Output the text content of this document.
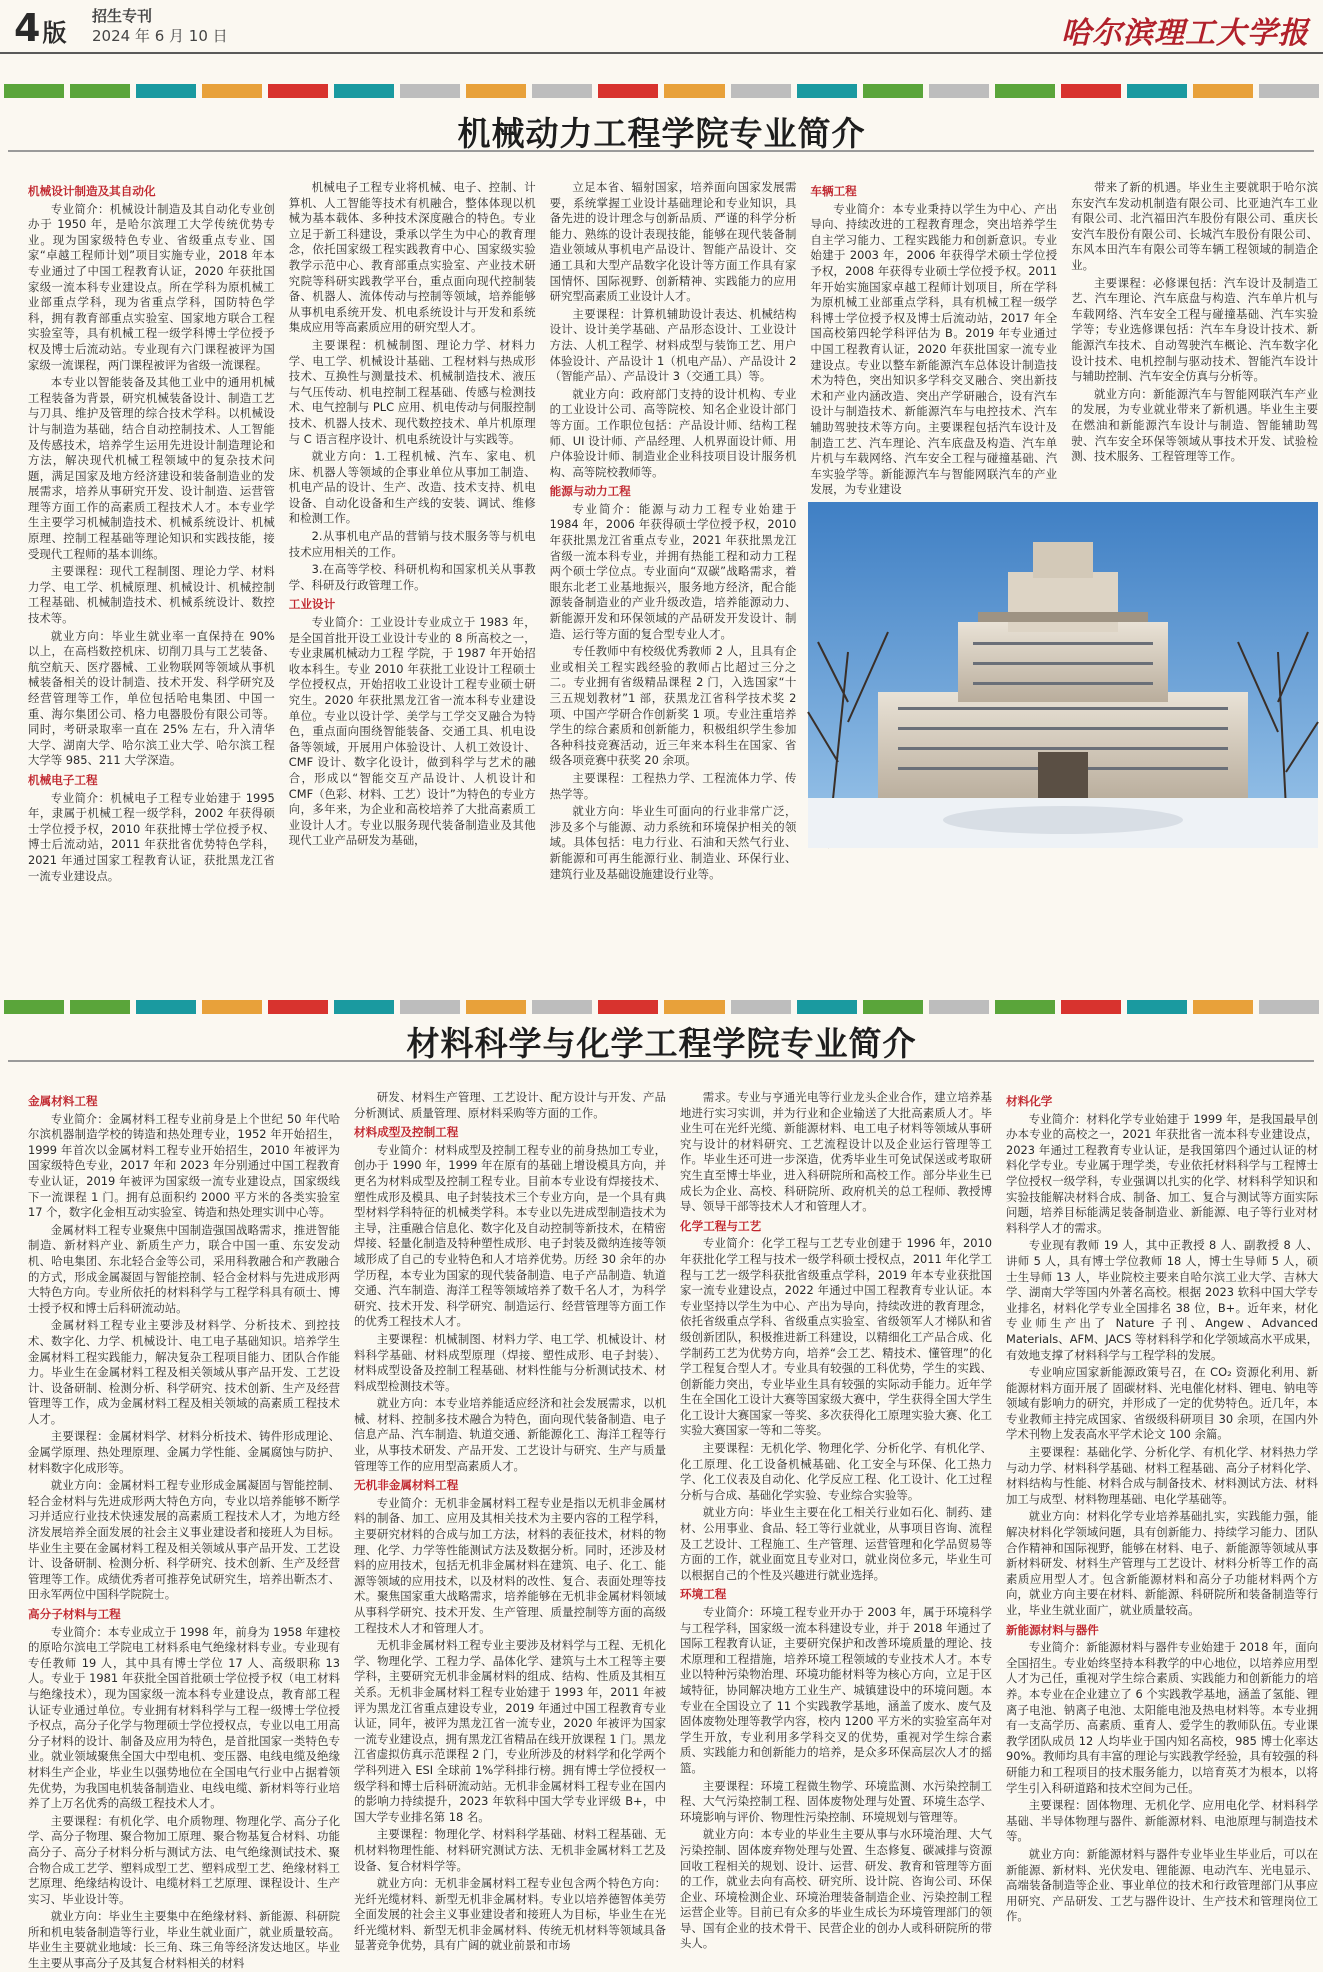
4版
招生专刊
2024 年 6 月 10 日	哈尔滨理工大学报
机械动力工程学院专业简介
机械设计制造及其自动化

专业简介：机械设计制造及其自动化专业创办于 1950 年，是哈尔滨理工大学传统优势专业。现为国家级特色专业、省级重点专业、国家“卓越工程师计划”项目实施专业，2018 年本专业通过了中国工程教育认证，2020 年获批国家级一流本科专业建设点。所在学科为原机械工业部重点学科，现为省重点学科，国防特色学科，拥有教育部重点实验室、国家地方联合工程实验室等，具有机械工程一级学科博士学位授予权及博士后流动站。专业现有六门课程被评为国家级一流课程，两门课程被评为省级一流课程。

本专业以智能装备及其他工业中的通用机械工程装备为背景，研究机械装备设计、制造工艺与刀具、维护及管理的综合技术学科。以机械设计与制造为基础，结合自动控制技术、人工智能及传感技术，培养学生运用先进设计制造理论和方法，解决现代机械工程领域中的复杂技术问题，满足国家及地方经济建设和装备制造业的发展需求，培养从事研究开发、设计制造、运营管理等方面工作的高素质工程技术人才。本专业学生主要学习机械制造技术、机械系统设计、机械原理、控制工程基础等理论知识和实践技能，接受现代工程师的基本训练。

主要课程：现代工程制图、理论力学、材料力学、电工学、机械原理、机械设计、机械控制工程基础、机械制造技术、机械系统设计、数控技术等。

就业方向：毕业生就业率一直保持在 90% 以上，在高档数控机床、切削刀具与工艺装备、航空航天、医疗器械、工业物联网等领域从事机械装备相关的设计制造、技术开发、科学研究及经营管理等工作，单位包括哈电集团、中国一重、海尔集团公司、格力电器股份有限公司等。同时，考研录取率一直在 25% 左右，升入清华大学、湖南大学、哈尔滨工业大学、哈尔滨工程大学等 985、211 大学深造。

机械电子工程

专业简介：机械电子工程专业始建于 1995 年，隶属于机械工程一级学科，2002 年获得硕士学位授予权，2010 年获批博士学位授予权、博士后流动站，2011 年获批省优势特色学科，2021 年通过国家工程教育认证，获批黑龙江省一流专业建设点。

机械电子工程专业将机械、电子、控制、计算机、人工智能等技术有机融合，整体体现以机械为基本载体、多种技术深度融合的特色。专业立足于新工科建设，秉承以学生为中心的教育理念，依托国家级工程实践教育中心、国家级实验教学示范中心、教育部重点实验室、产业技术研究院等科研实践教学平台，重点面向现代控制装备、机器人、流体传动与控制等领域，培养能够从事机电系统开发、机电系统设计与开发和系统集成应用等高素质应用的研究型人才。

主要课程：机械制图、理论力学、材料力学、电工学、机械设计基础、工程材料与热成形技术、互换性与测量技术、机械制造技术、液压与气压传动、机电控制工程基础、传感与检测技术、电气控制与 PLC 应用、机电传动与伺服控制技术、机器人技术、现代数控技术、单片机原理与 C 语言程序设计、机电系统设计与实践等。

就业方向：1.工程机械、汽车、家电、机床、机器人等领域的企事业单位从事加工制造、机电产品的设计、生产、改造、技术支持、机电设备、自动化设备和生产线的安装、调试、维修和检测工作。

2.从事机电产品的营销与技术服务等与机电技术应用相关的工作。

3.在高等学校、科研机构和国家机关从事教学、科研及行政管理工作。

工业设计

专业简介：工业设计专业成立于 1983 年，是全国首批开设工业设计专业的 8 所高校之一，专业隶属机械动力工程 学院，于 1987 年开始招收本科生。专业 2010 年获批工业设计工程硕士学位授权点，开始招收工业设计工程专业硕士研究生。2020 年获批黑龙江省一流本科专业建设单位。专业以设计学、美学与工学交叉融合为特色，重点面向围绕智能装备、交通工具、机电设备等领域，开展用户体验设计、人机工效设计、CMF 设计、数字化设计，做到科学与艺术的融合，形成以“智能交互产品设计、人机设计和 CMF（色彩、材料、工艺）设计”为特色的专业方向，多年来，为企业和高校培养了大批高素质工业设计人才。专业以服务现代装备制造业及其他现代工业产品研发为基础，

立足本省、辐射国家，培养面向国家发展需要，系统掌握工业设计基础理论和专业知识，具备先进的设计理念与创新品质、严谨的科学分析能力、熟练的设计表现技能，能够在现代装备制造业领域从事机电产品设计、智能产品设计、交通工具和大型产品数字化设计等方面工作具有家国情怀、国际视野、创新精神、实践能力的应用研究型高素质工业设计人才。

主要课程：计算机辅助设计表达、机械结构设计、设计美学基础、产品形态设计、工业设计方法、人机工程学、材料成型与装饰工艺、用户体验设计、产品设计 1（机电产品）、产品设计 2（智能产品）、产品设计 3（交通工具）等。

就业方向：政府部门支持的设计机构、专业的工业设计公司、高等院校、知名企业设计部门等方面。工作职位包括：产品设计师、结构工程师、UI 设计师、产品经理、人机界面设计师、用户体验设计师、制造业企业科技项目设计服务机构、高等院校教师等。

能源与动力工程

专业简介：能源与动力工程专业始建于 1984 年，2006 年获得硕士学位授予权，2010 年获批黑龙江省重点专业，2021 年获批黑龙江省级一流本科专业，并拥有热能工程和动力工程两个硕士学位点。专业面向“双碳”战略需求，着眼东北老工业基地振兴，服务地方经济，配合能源装备制造业的产业升级改造，培养能源动力、新能源开发和环保领域的产品研发开发设计、制造、运行等方面的复合型专业人才。

专任教师中有校级优秀教师 2 人，且具有企业或相关工程实践经验的教师占比超过三分之二。专业拥有省级精品课程 2 门，入选国家“十三五规划教材”1 部，获黑龙江省科学技术奖 2 项、中国产学研合作创新奖 1 项。专业注重培养学生的综合素质和创新能力，积极组织学生参加各种科技竞赛活动，近三年来本科生在国家、省级各项竞赛中获奖 20 余项。

主要课程：工程热力学、工程流体力学、传热学等。

就业方向：毕业生可面向的行业非常广泛，涉及多个与能源、动力系统和环境保护相关的领域。具体包括：电力行业、石油和天然气行业、新能源和可再生能源行业、制造业、环保行业、建筑行业及基础设施建设行业等。

车辆工程

专业简介：本专业秉持以学生为中心、产出导向、持续改进的工程教育理念，突出培养学生自主学习能力、工程实践能力和创新意识。专业始建于 2003 年，2006 年获得学术硕士学位授予权，2008 年获得专业硕士学位授予权。2011 年开始实施国家卓越工程师计划项目，所在学科为原机械工业部重点学科，具有机械工程一级学科博士学位授予权及博士后流动站，2017 年全国高校第四轮学科评估为 B。2019 年专业通过中国工程教育认证，2020 年获批国家一流专业建设点。专业以整车新能源汽车总体设计制造技术为特色，突出知识多学科交叉融合、突出新技术和产业内涵改造、突出产学研融合，设有汽车设计与制造技术、新能源汽车与电控技术、汽车辅助驾驶技术等方向。主要课程包括汽车设计及制造工艺、汽车理论、汽车底盘及构造、汽车单片机与车载网络、汽车安全工程与碰撞基础、汽车实验学等。新能源汽车与智能网联汽车的产业发展，为专业建设

带来了新的机遇。毕业生主要就职于哈尔滨东安汽车发动机制造有限公司、比亚迪汽车工业有限公司、北汽福田汽车股份有限公司、重庆长安汽车股份有限公司、长城汽车股份有限公司、东风本田汽车有限公司等车辆工程领域的制造企业。

主要课程：必修课包括：汽车设计及制造工艺、汽车理论、汽车底盘与构造、汽车单片机与车载网络、汽车安全工程与碰撞基础、汽车实验学等；专业选修课包括：汽车车身设计技术、新能源汽车技术、自动驾驶汽车概论、汽车数字化设计技术、电机控制与驱动技术、智能汽车设计与辅助控制、汽车安全仿真与分析等。

就业方向：新能源汽车与智能网联汽车产业的发展，为专业就业带来了新机遇。毕业生主要在燃油和新能源汽车设计与制造、智能辅助驾驶、汽车安全环保等领域从事技术开发、试验检测、技术服务、工程管理等工作。

材料科学与化学工程学院专业简介
金属材料工程

专业简介：金属材料工程专业前身是上个世纪 50 年代哈尔滨机器制造学校的铸造和热处理专业，1952 年开始招生，1999 年首次以金属材料工程专业开始招生，2010 年被评为国家级特色专业，2017 年和 2023 年分别通过中国工程教育专业认证，2019 年被评为国家级一流专业建设点，国家级线下一流课程 1 门。拥有总面积约 2000 平方米的各类实验室 17 个，数字化金相互动实验室、铸造和热处理实训中心等。

金属材料工程专业聚焦中国制造强国战略需求，推进智能制造、新材料产业、新质生产力，联合中国一重、东安发动机、哈电集团、东北轻合金等公司，采用科教融合和产教融合的方式，形成金属凝固与智能控制、轻合金材料与先进成形两大特色方向。专业所依托的材料科学与工程学科具有硕士、博士授予权和博士后科研流动站。

金属材料工程专业主要涉及材料学、分析技术、到控技术、数字化、力学、机械设计、电工电子基础知识。培养学生金属材料工程实践能力，解决复杂工程项目能力、团队合作能力。毕业生在金属材料工程及相关领域从事产品开发、工艺设计、设备研制、检测分析、科学研究、技术创新、生产及经营管理等工作，成为金属材料工程及相关领域的高素质工程技术人才。

主要课程：金属材料学、材料分析技术、铸件形成理论、金属学原理、热处理原理、金属力学性能、金属腐蚀与防护、材料数字化成形等。

就业方向：金属材料工程专业形成金属凝固与智能控制、轻合金材料与先进成形两大特色方向，专业以培养能够不断学习并适应行业技术快速发展的高素质工程技术人才，为地方经济发展培养全面发展的社会主义事业建设者和接班人为目标。毕业生主要在金属材料工程及相关领域从事产品开发、工艺设计、设备研制、检测分析、科学研究、技术创新、生产及经营管理等工作。成绩优秀者可推荐免试研究生，培养出靳杰才、田永军两位中国科学院院士。

高分子材料与工程

专业简介：本专业成立于 1998 年，前身为 1958 年建校的原哈尔滨电工学院电工材料系电气绝缘材料专业。专业现有专任教师 19 人，其中具有博士学位 17 人、高级职称 13 人。专业于 1981 年获批全国首批硕士学位授予权（电工材料与绝缘技术），现为国家级一流本科专业建设点，教育部工程认证专业通过单位。专业拥有材料科学与工程一级博士学位授予权点，高分子化学与物理硕士学位授权点，专业以电工用高分子材料的设计、制备及应用为特色，是首批国家一类特色专业。就业领域聚焦全国大中型电机、变压器、电线电缆及绝缘材料生产企业，毕业生以强势地位在全国电气行业中占据着领先优势，为我国电机装备制造业、电线电缆、新材料等行业培养了上万名优秀的高级工程技术人才。

主要课程：有机化学、电介质物理、物理化学、高分子化学、高分子物理、聚合物加工原理、聚合物基复合材料、功能高分子、高分子材料分析与测试方法、电气绝缘测试技术、聚合物合成工艺学、塑料成型工艺、塑料成型工艺、绝缘材料工艺原理、绝缘结构设计、电缆材料工艺原理、课程设计、生产实习、毕业设计等。

就业方向：毕业生主要集中在绝缘材料、新能源、科研院所和机电装备制造等行业，毕业生就业面广，就业质量较高。毕业生主要就业地域：长三角、珠三角等经济发达地区。毕业生主要从事高分子及其复合材料相关的材料

研发、材料生产管理、工艺设计、配方设计与开发、产品分析测试、质量管理、原材料采购等方面的工作。

材料成型及控制工程

专业简介：材料成型及控制工程专业的前身热加工专业，创办于 1990 年，1999 年在原有的基础上增设模具方向，并更名为材料成型及控制工程专业。目前本专业设有焊接技术、塑性成形及模具、电子封装技术三个专业方向，是一个具有典型材料学科特征的机械类学科。本专业以先进成型制造技术为主导，注重融合信息化、数字化及自动控制等新技术，在精密焊接、轻量化制造及特种塑性成形、电子封装及微纳连接等领域形成了自己的专业特色和人才培养优势。历经 30 余年的办学历程，本专业为国家的现代装备制造、电子产品制造、轨道交通、汽车制造、海洋工程等领域培养了数千名人才，为科学研究、技术开发、科学研究、制造运行、经营管理等方面工作的优秀工程技术人才。

主要课程：机械制图、材料力学、电工学、机械设计、材料科学基础、材料成型原理（焊接、塑性成形、电子封装）、材料成型设备及控制工程基础、材料性能与分析测试技术、材料成型检测技术等。

就业方向：本专业培养能适应经济和社会发展需求，以机械、材料、控制多技术融合为特色，面向现代装备制造、电子信息产品、汽车制造、轨道交通、新能源化工、海洋工程等行业，从事技术研发、产品开发、工艺设计与研究、生产与质量管理等工作的应用型高素质人才。

无机非金属材料工程

专业简介：无机非金属材料工程专业是指以无机非金属材料的制备、加工、应用及其相关技术为主要内容的工程学科，主要研究材料的合成与加工方法，材料的表征技术，材料的物理、化学、力学等性能测试方法及数据分析。同时，还涉及材料的应用技术，包括无机非金属材料在建筑、电子、化工、能源等领域的应用技术，以及材料的改性、复合、表面处理等技术。聚焦国家重大战略需求，培养能够在无机非金属材料领域从事科学研究、技术开发、生产管理、质量控制等方面的高级工程技术人才和管理人才。

无机非金属材料工程专业主要涉及材料学与工程、无机化学、物理化学、工程力学、晶体化学、建筑与土木工程等主要学科，主要研究无机非金属材料的组成、结构、性质及其相互关系。无机非金属材料工程专业始建于 1993 年，2011 年被评为黑龙江省重点建设专业，2019 年通过中国工程教育专业认证，同年，被评为黑龙江省一流专业，2020 年被评为国家一流专业建设点，拥有黑龙江省精品在线开放课程 1 门。黑龙江省虚拟仿真示范课程 2 门，专业所涉及的材料学和化学两个学科列进入 ESI 全球前 1%学科排行榜。拥有博士学位授权一级学科和博士后科研流动站。无机非金属材料工程专业在国内的影响力持续提升，2023 年软科中国大学专业评级 B+，中国大学专业排名第 18 名。

主要课程：物理化学、材料科学基础、材料工程基础、无机材料物理性能、材料研究测试方法、无机非金属材料工艺及设备、复合材料学等。

就业方向：无机非金属材料工程专业包含两个特色方向：光纤光缆材料、新型无机非金属材料。专业以培养德智体美劳全面发展的社会主义事业建设者和接班人为目标，毕业生在光纤光缆材料、新型无机非金属材料、传统无机材料等领域具备显著竞争优势，具有广阔的就业前景和市场

需求。专业与亨通光电等行业龙头企业合作，建立培养基地进行实习实训，并为行业和企业输送了大批高素质人才。毕业生可在光纤光缆、新能源材料、电工电子材料等领域从事研究与设计的材料研究、工艺流程设计以及企业运行管理等工作。毕业生还可进一步深造，优秀毕业生可免试保送或考取研究生直至博士毕业，进入科研院所和高校工作。部分毕业生已成长为企业、高校、科研院所、政府机关的总工程师、教授博导、领导干部等技术人才和管理人才。

化学工程与工艺

专业简介：化学工程与工艺专业创建于 1996 年，2010 年获批化学工程与技术一级学科硕士授权点，2011 年化学工程与工艺一级学科获批省级重点学科，2019 年本专业获批国家一流专业建设点，2022 年通过中国工程教育专业认证。本专业坚持以学生为中心、产出为导向，持续改进的教育理念，依托省级重点学科、省级重点实验室、省级领军人才梯队和省级创新团队，积极推进新工科建设，以精细化工产品合成、化学制药工艺为优势方向，培养“会工艺、精技术、懂管理”的化学工程复合型人才。专业具有较强的工科优势，学生的实践、创新能力突出，专业毕业生具有较强的实际动手能力。近年学生在全国化工设计大赛等国家级大赛中，学生获得全国大学生化工设计大赛国家一等奖、多次获得化工原理实验大赛、化工实验大赛国家一等和二等奖。

主要课程：无机化学、物理化学、分析化学、有机化学、化工原理、化工设备机械基础、化工安全与环保、化工热力学、化工仪表及自动化、化学反应工程、化工设计、化工过程分析与合成、基础化学实验、专业综合实验等。

就业方向：毕业生主要在化工相关行业如石化、制药、建材、公用事业、食品、轻工等行业就业，从事项目咨询、流程及工艺设计、工程施工、生产管理、运营管理和化学品贸易等方面的工作，就业面宽且专业对口，就业岗位多元，毕业生可以根据自己的个性及兴趣进行就业选择。

环境工程

专业简介：环境工程专业开办于 2003 年，属于环境科学与工程学科，国家级一流本科建设专业，并于 2018 年通过了国际工程教育认证，主要研究保护和改善环境质量的理论、技术原理和工程措施，培养环境工程领域的专业技术人才。本专业以特种污染物治理、环境功能材料等为核心方向，立足于区域特征，协同解决地方工业生产、城镇建设中的环境问题。本专业在全国设立了 11 个实践教学基地，涵盖了废水、废气及固体废物处理等教学内容，校内 1200 平方米的实验室高年对学生开放，专业利用多学科交叉的优势，重视对学生综合素质、实践能力和创新能力的培养，是众多环保高层次人才的摇篮。

主要课程：环境工程微生物学、环境监测、水污染控制工程、大气污染控制工程、固体废物处理与处置、环境生态学、环境影响与评价、物理性污染控制、环境规划与管理等。

就业方向：本专业的毕业生主要从事与水环境治理、大气污染控制、固体废弃物处理与处置、生态修复、碳减排与资源回收工程相关的规划、设计、运营、研发、教育和管理等方面的工作，就业去向有高校、研究所、设计院、咨询公司、环保企业、环境检测企业、环境治理装备制造企业、污染控制工程运营企业等。目前已有众多的毕业生成长为环境管理部门的领导、国有企业的技术骨干、民营企业的创办人或科研院所的带头人。

材料化学

专业简介：材料化学专业始建于 1999 年，是我国最早创办本专业的高校之一，2021 年获批省一流本科专业建设点，2023 年通过工程教育专业认证，是我国第四个通过认证的材料化学专业。专业属于理学类，专业依托材料科学与工程博士学位授权一级学科，专业强调以扎实的化学、材料科学知识和实验技能解决材料合成、制备、加工、复合与测试等方面实际问题，培养目标能满足装备制造业、新能源、电子等行业对材料科学人才的需求。

专业现有教师 19 人，其中正教授 8 人、副教授 8 人、讲师 5 人，具有博士学位教师 18 人，博士生导师 5 人，硕士生导师 13 人，毕业院校主要来自哈尔滨工业大学、吉林大学、湖南大学等国内外著名高校。根据 2023 软科中国大学专业排名，材料化学专业全国排名 38 位，B+。近年来，材化专业师生产出了 Nature 子刊、Angew、Advanced Materials、AFM、JACS 等材料科学和化学领域高水平成果，有效地支撑了材料科学与工程学科的发展。

专业响应国家新能源政策号召，在 CO₂ 资源化利用、新能源材料方面开展了 固碳材料、光电催化材料、锂电、钠电等领域有影响力的研究，并形成了一定的优势特色。近几年，本专业教师主持完成国家、省级级科研项目 30 余项，在国内外学术刊物上发表高水平学术论文 100 余篇。

主要课程：基础化学、分析化学、有机化学、材料热力学与动力学、材料科学基础、材料工程基础、高分子材料化学、材料结构与性能、材料合成与制备技术、材料测试方法、材料加工与成型、材料物理基础、电化学基础等。

就业方向：材料化学专业培养基础扎实，实践能力强，能解决材料化学领域问题，具有创新能力、持续学习能力、团队合作精神和国际视野，能够在材料、电子、新能源等领域从事新材料研发、材料生产管理与工艺设计、材料分析等工作的高素质应用型人才。包含新能源材料和高分子功能材料两个方向，就业方向主要在材料、新能源、科研院所和装备制造等行业，毕业生就业面广，就业质量较高。

新能源材料与器件

专业简介：新能源材料与器件专业始建于 2018 年，面向全国招生。专业始终坚持本科教学的中心地位，以培养应用型人才为己任，重视对学生综合素质、实践能力和创新能力的培养。本专业在企业建立了 6 个实践教学基地，涵盖了氢能、锂离子电池、钠离子电池、太阳能电池及热电材料等。本专业拥有一支高学历、高素质、重育人、爱学生的教师队伍。专业课教学团队成员 12 人均毕业于国内知名高校，985 博士化率达 90%。教师均具有丰富的理论与实践教学经验，具有较强的科研能力和工程项目的技术服务能力，以培育英才为根本，以将学生引入科研道路和技术空间为己任。

主要课程：固体物理、无机化学、应用电化学、材料科学基础、半导体物理与器件、新能源材料、电池原理与制造技术等。

就业方向：新能源材料与器件专业毕业生毕业后，可以在新能源、新材料、光伏发电、锂能源、电动汽车、光电显示、高端装备制造等企业、事业单位的技术和行政管理部门从事应用研究、产品研发、工艺与器件设计、生产技术和管理岗位工作。
